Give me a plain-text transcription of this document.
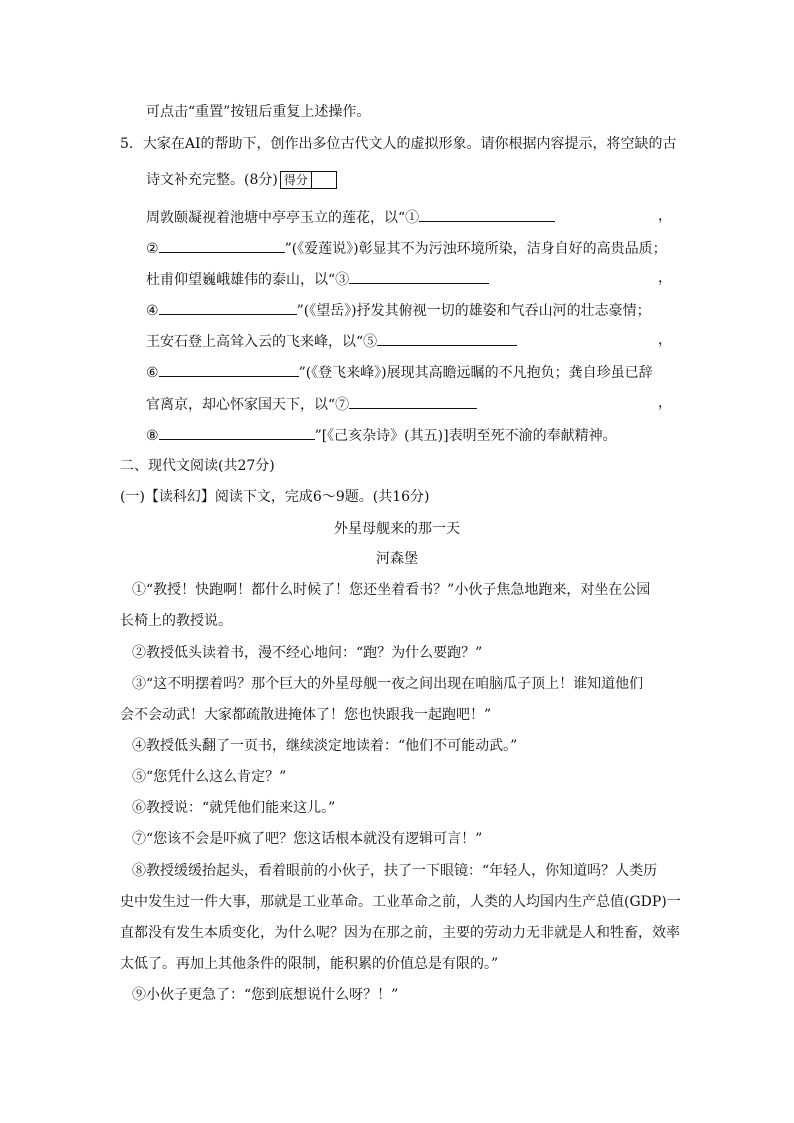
可点击“重置”按钮后重复上述操作。
5．大家在AI的帮助下，创作出多位古代文人的虚拟形象。请你根据内容提示，将空缺的古
诗文补充完整。(8分) 得分
周敦颐凝视着池塘中亭亭玉立的莲花，以“①	，
②	”(《爱莲说》)彰显其不为污浊环境所染，洁身自好的高贵品质；
杜甫仰望巍峨雄伟的泰山，以“③	，
④	”(《望岳》)抒发其俯视一切的雄姿和气吞山河的壮志豪情；
王安石登上高耸入云的飞来峰，以“⑤	，
⑥	”(《登飞来峰》)展现其高瞻远瞩的不凡抱负；龚自珍虽已辞
官离京，却心怀家国天下，以“⑦	，
⑧	”[《己亥杂诗》(其五)]表明至死不渝的奉献精神。
二、现代文阅读(共27分)
(一)【读科幻】阅读下文，完成6～9题。(共16分)
外星母舰来的那一天
河森堡
①“教授！快跑啊！都什么时候了！您还坐着看书？”小伙子焦急地跑来，对坐在公园
长椅上的教授说。
②教授低头读着书，漫不经心地问：“跑？为什么要跑？”
③“这不明摆着吗？那个巨大的外星母舰一夜之间出现在咱脑瓜子顶上！谁知道他们
会不会动武！大家都疏散进掩体了！您也快跟我一起跑吧！”
④教授低头翻了一页书，继续淡定地读着：“他们不可能动武。”
⑤“您凭什么这么肯定？”
⑥教授说：“就凭他们能来这儿。”
⑦“您该不会是吓疯了吧？您这话根本就没有逻辑可言！”
⑧教授缓缓抬起头，看着眼前的小伙子，扶了一下眼镜：“年轻人，你知道吗？人类历
史中发生过一件大事，那就是工业革命。工业革命之前，人类的人均国内生产总值(GDP)一
直都没有发生本质变化，为什么呢？因为在那之前，主要的劳动力无非就是人和牲畜，效率
太低了。再加上其他条件的限制，能积累的价值总是有限的。”
⑨小伙子更急了：“您到底想说什么呀？！”
